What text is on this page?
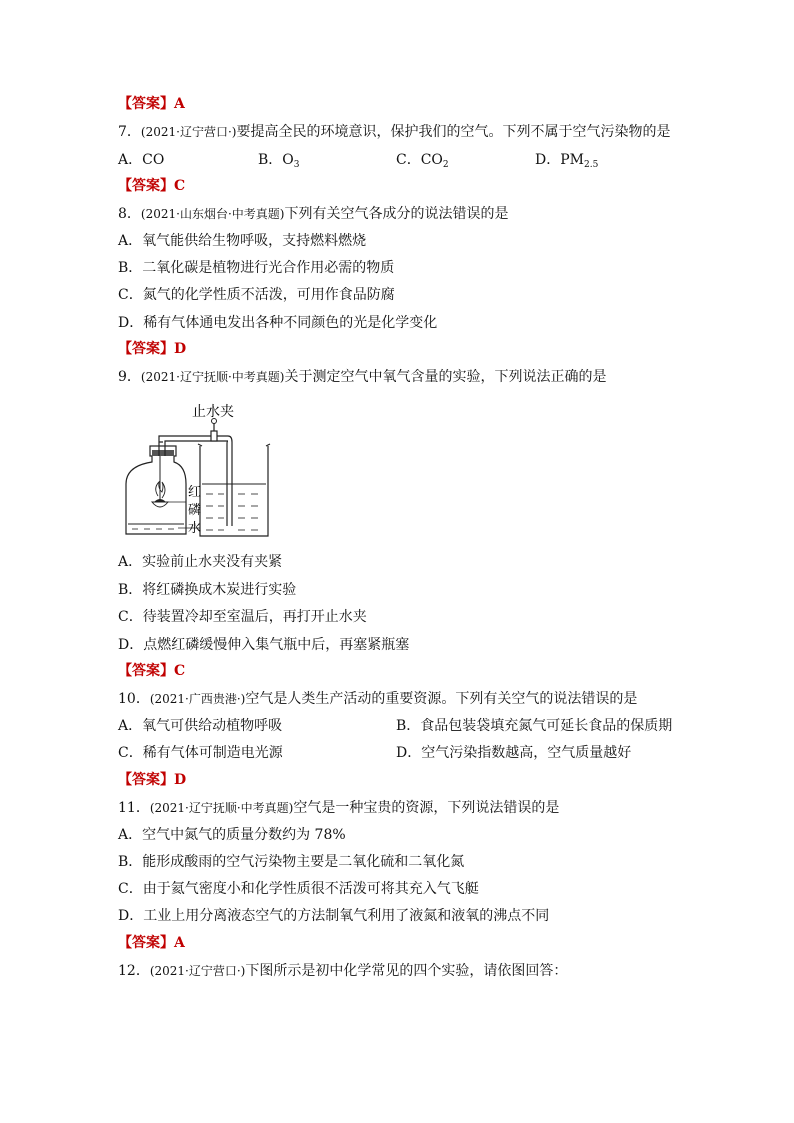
【答案】A
7．(2021·辽宁营口·)要提高全民的环境意识，保护我们的空气。下列不属于空气污染物的是
A．CO	B．$O_3$	C．$CO_2$	D．$PM_{2.5}$
【答案】C
8．(2021·山东烟台·中考真题)下列有关空气各成分的说法错误的是
A．氧气能供给生物呼吸，支持燃料燃烧
B．二氧化碳是植物进行光合作用必需的物质
C．氮气的化学性质不活泼，可用作食品防腐
D．稀有气体通电发出各种不同颜色的光是化学变化
【答案】D
9．(2021·辽宁抚顺·中考真题)关于测定空气中氧气含量的实验，下列说法正确的是
止水夹
红
磷
水
A．实验前止水夹没有夹紧
B．将红磷换成木炭进行实验
C．待装置冷却至室温后，再打开止水夹
D．点燃红磷缓慢伸入集气瓶中后，再塞紧瓶塞
【答案】C
10．(2021·广西贵港·)空气是人类生产活动的重要资源。下列有关空气的说法错误的是
A．氧气可供给动植物呼吸	B．食品包装袋填充氮气可延长食品的保质期
C．稀有气体可制造电光源	D．空气污染指数越高，空气质量越好
【答案】D
11．(2021·辽宁抚顺·中考真题)空气是一种宝贵的资源，下列说法错误的是
A．空气中氮气的质量分数约为 78%
B．能形成酸雨的空气污染物主要是二氧化硫和二氧化氮
C．由于氦气密度小和化学性质很不活泼可将其充入气飞艇
D．工业上用分离液态空气的方法制氧气利用了液氮和液氧的沸点不同
【答案】A
12．(2021·辽宁营口·)下图所示是初中化学常见的四个实验，请依图回答：
